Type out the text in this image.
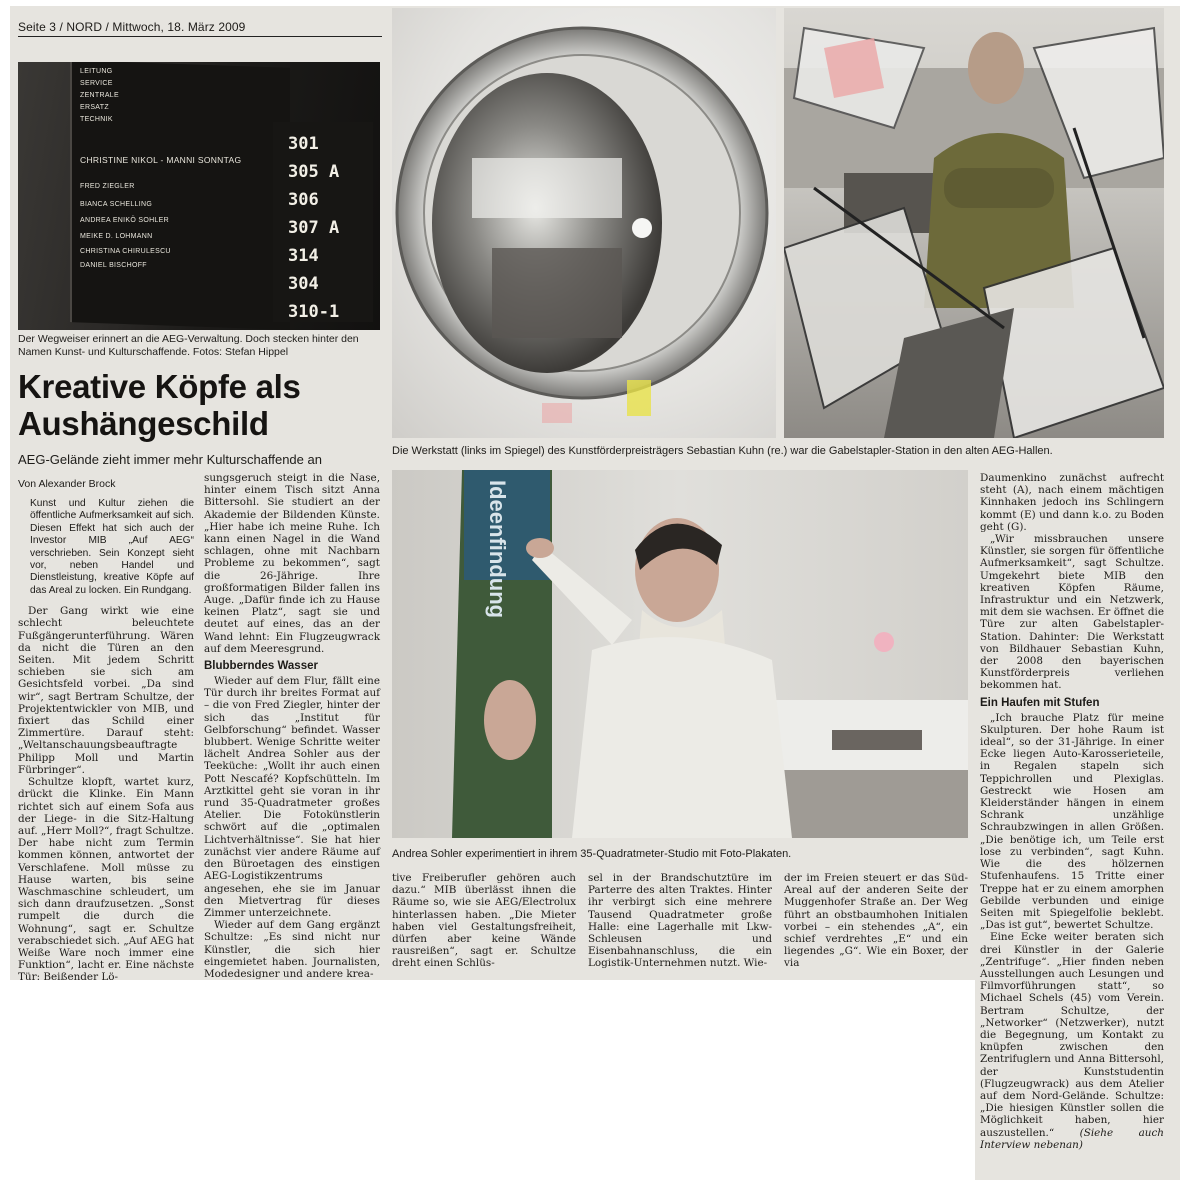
Seite 3 / NORD / Mittwoch, 18. März 2009
LEITUNG
SERVICE
ZENTRALE
ERSATZ
TECHNIK
CHRISTINE NIKOL - MANNI SONNTAG
FRED ZIEGLER
BIANCA SCHELLING
ANDREA ENIKÖ SOHLER
MEIKE D. LOHMANN
CHRISTINA CHIRULESCU
DANIEL BISCHOFF
301
305 A
306
307 A
314
304
310-1
Der Wegweiser erinnert an die AEG-Verwaltung. Doch stecken hinter den Namen Kunst- und Kulturschaffende. Fotos: Stefan Hippel
Die Werkstatt (links im Spiegel) des Kunstförderpreisträgers Sebastian Kuhn (re.) war die Gabelstapler-Station in den alten AEG-Hallen.
Ideenfindung
Andrea Sohler experimentiert in ihrem 35-Quadratmeter-Studio mit Foto-Plakaten.
Kreative Köpfe als
Aushängeschild
AEG-Gelände zieht immer mehr Kulturschaffende an
Von Alexander Brock

Kunst und Kultur ziehen die öffentliche Aufmerksamkeit auf sich. Diesen Effekt hat sich auch der Investor MIB „Auf AEG“ verschrieben. Sein Konzept sieht vor, neben Handel und Dienstleistung, kreative Köpfe auf das Areal zu locken. Ein Rundgang.

Der Gang wirkt wie eine schlecht beleuchtete Fußgängerunterführung. Wären da nicht die Türen an den Seiten. Mit jedem Schritt schieben sie sich am Gesichtsfeld vorbei. „Da sind wir“, sagt Bertram Schultze, der Projektentwickler von MIB, und fixiert das Schild einer Zimmertüre. Darauf steht: „Weltanschauungsbeauftragte Philipp Moll und Martin Fürbringer“.

Schultze klopft, wartet kurz, drückt die Klinke. Ein Mann richtet sich auf einem Sofa aus der Liege- in die Sitz-Haltung auf. „Herr Moll?“, fragt Schultze. Der habe nicht zum Termin kommen können, antwortet der Verschlafene. Moll müsse zu Hause warten, bis seine Waschmaschine schleudert, um sich dann draufzusetzen. „Sonst rumpelt die durch die Wohnung“, sagt er. Schultze verabschiedet sich. „Auf AEG hat Weiße Ware noch immer eine Funktion“, lacht er. Eine nächste Tür: Beißender Lö-

sungsgeruch steigt in die Nase, hinter einem Tisch sitzt Anna Bittersohl. Sie studiert an der Akademie der Bildenden Künste. „Hier habe ich meine Ruhe. Ich kann einen Nagel in die Wand schlagen, ohne mit Nachbarn Probleme zu bekommen“, sagt die 26-Jährige. Ihre großformatigen Bilder fallen ins Auge. „Dafür finde ich zu Hause keinen Platz“, sagt sie und deutet auf eines, das an der Wand lehnt: Ein Flugzeugwrack auf dem Meeresgrund.

Blubberndes Wasser

Wieder auf dem Flur, fällt eine Tür durch ihr breites Format auf – die von Fred Ziegler, hinter der sich das „Institut für Gelbforschung“ befindet. Wasser blubbert. Wenige Schritte weiter lächelt Andrea Sohler aus der Teeküche: „Wollt ihr auch einen Pott Nescafé? Kopfschütteln. Im Arztkittel geht sie voran in ihr rund 35-Quadratmeter großes Atelier. Die Fotokünstlerin schwört auf die „optimalen Lichtverhältnisse“. Sie hat hier zunächst vier andere Räume auf den Büroetagen des einstigen AEG-Logistikzentrums angesehen, ehe sie im Januar den Mietvertrag für dieses Zimmer unterzeichnete.

Wieder auf dem Gang ergänzt Schultze: „Es sind nicht nur Künstler, die sich hier eingemietet haben. Journalisten, Modedesigner und andere krea-

tive Freiberufler gehören auch dazu.“ MIB überlässt ihnen die Räume so, wie sie AEG/Electrolux hinterlassen haben. „Die Mieter haben viel Gestaltungsfreiheit, dürfen aber keine Wände rausreißen“, sagt er. Schultze dreht einen Schlüs-

sel in der Brandschutztüre im Parterre des alten Traktes. Hinter ihr verbirgt sich eine mehrere Tausend Quadratmeter große Halle: eine Lagerhalle mit Lkw-Schleusen und Eisenbahnanschluss, die ein Logistik-Unternehmen nutzt. Wie-

der im Freien steuert er das Süd-Areal auf der anderen Seite der Muggenhofer Straße an. Der Weg führt an obstbaumhohen Initialen vorbei – ein stehendes „A“, ein schief verdrehtes „E“ und ein liegendes „G“. Wie ein Boxer, der via

Daumenkino zunächst aufrecht steht (A), nach einem mächtigen Kinnhaken jedoch ins Schlingern kommt (E) und dann k.o. zu Boden geht (G).

„Wir missbrauchen unsere Künstler, sie sorgen für öffentliche Aufmerksamkeit“, sagt Schultze. Umgekehrt biete MIB den kreativen Köpfen Räume, Infrastruktur und ein Netzwerk, mit dem sie wachsen. Er öffnet die Türe zur alten Gabelstapler-Station. Dahinter: Die Werkstatt von Bildhauer Sebastian Kuhn, der 2008 den bayerischen Kunstförderpreis verliehen bekommen hat.

Ein Haufen mit Stufen

„Ich brauche Platz für meine Skulpturen. Der hohe Raum ist ideal“, so der 31-Jährige. In einer Ecke liegen Auto-Karosserieteile, in Regalen stapeln sich Teppichrollen und Plexiglas. Gestreckt wie Hosen am Kleiderständer hängen in einem Schrank unzählige Schraubzwingen in allen Größen. „Die benötige ich, um Teile erst lose zu verbinden“, sagt Kuhn. Wie die des hölzernen Stufenhaufens. 15 Tritte einer Treppe hat er zu einem amorphen Gebilde verbunden und einige Seiten mit Spiegelfolie beklebt. „Das ist gut“, bewertet Schultze.

Eine Ecke weiter beraten sich drei Künstler in der Galerie „Zentrifuge“. „Hier finden neben Ausstellungen auch Lesungen und Filmvorführungen statt“, so Michael Schels (45) vom Verein. Bertram Schultze, der „Networker“ (Netzwerker), nutzt die Begegnung, um Kontakt zu knüpfen zwischen den Zentrifuglern und Anna Bittersohl, der Kunststudentin (Flugzeugwrack) aus dem Atelier auf dem Nord-Gelände. Schultze: „Die hiesigen Künstler sollen die Möglichkeit haben, hier auszustellen.“ (Siehe auch Interview nebenan)
